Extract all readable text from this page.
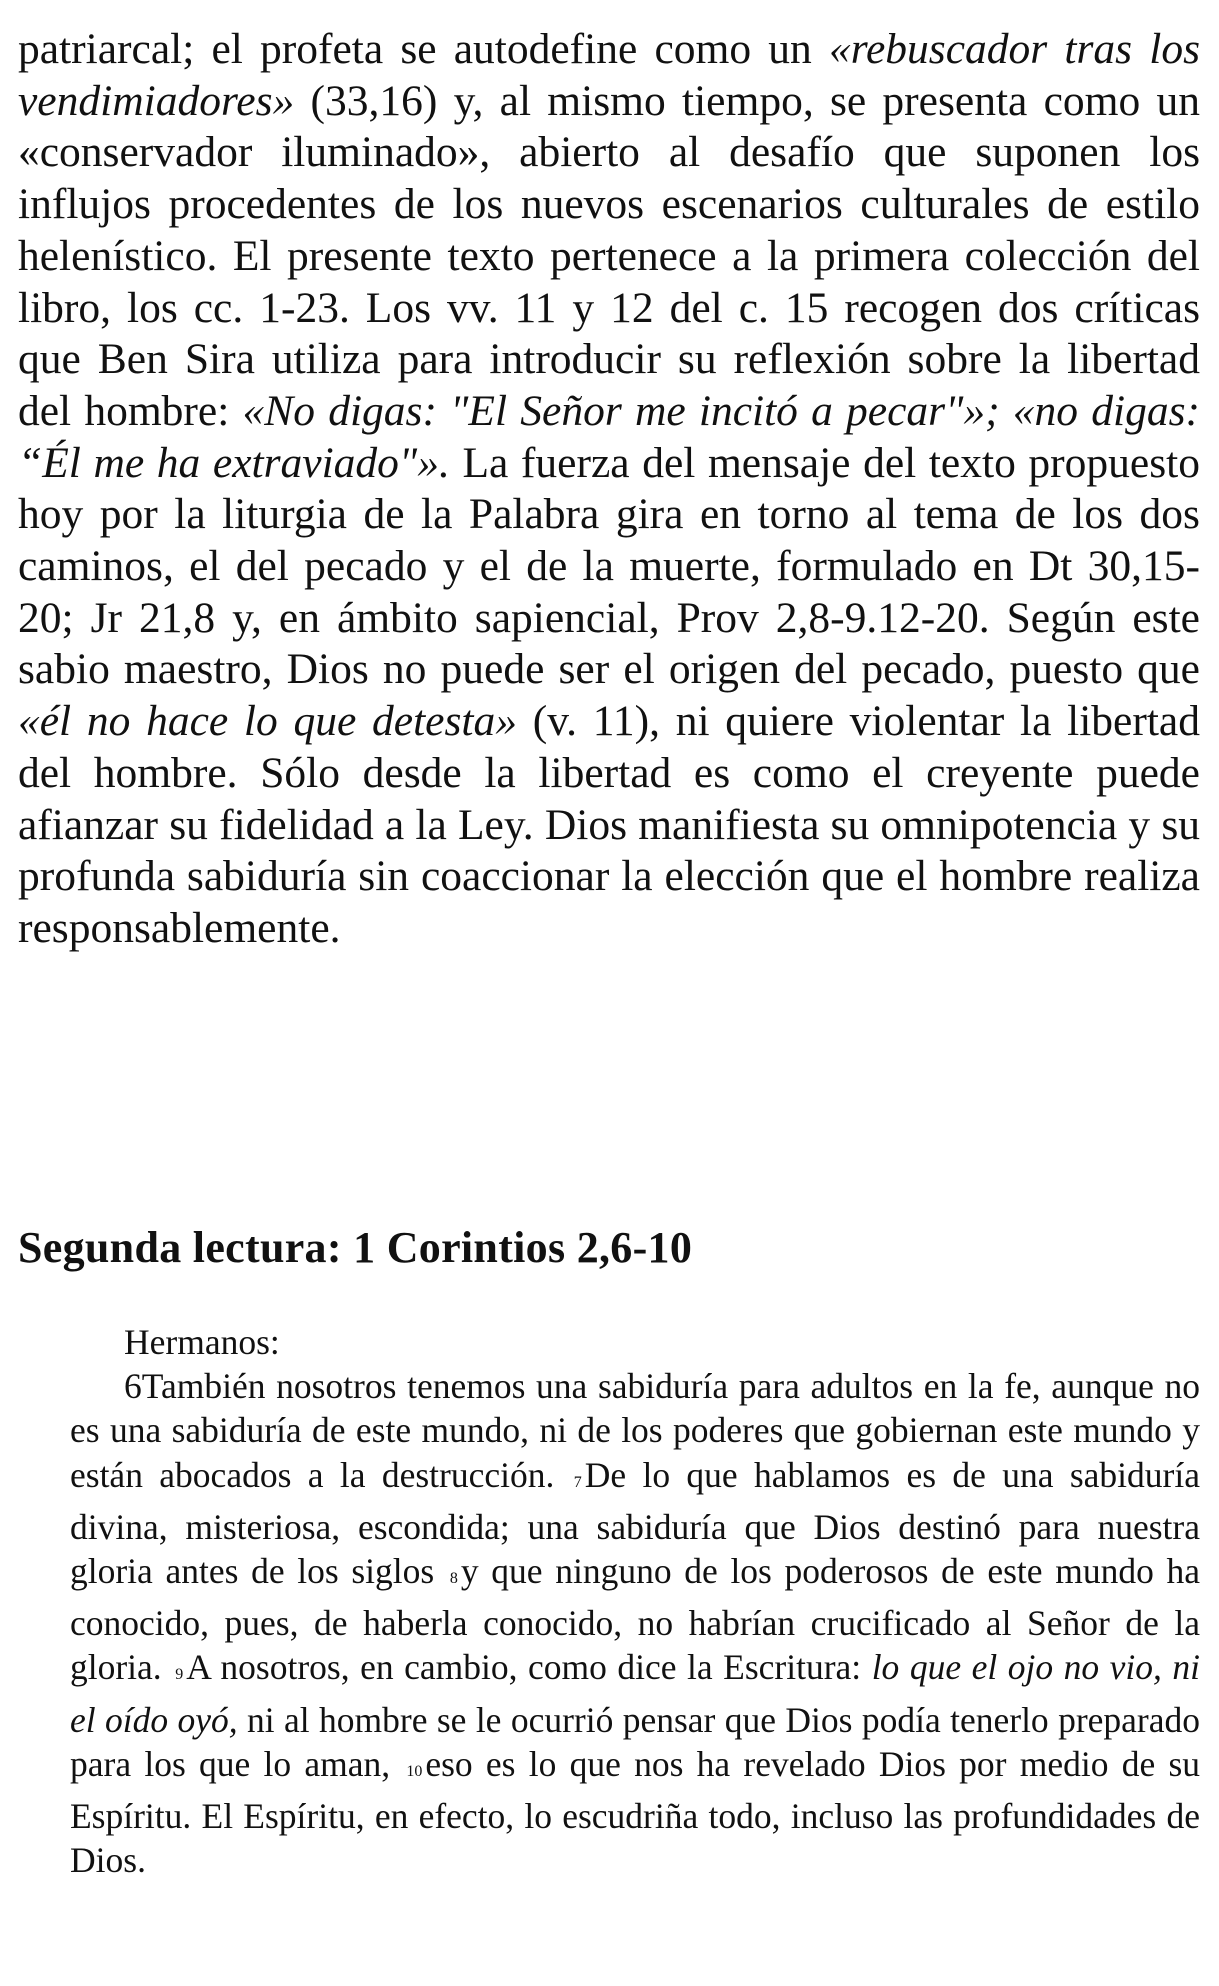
patriarcal; el profeta se autodefine como un «rebuscador tras los vendimiadores» (33,16) y, al mismo tiempo, se presenta como un «conservador iluminado», abierto al desafío que suponen los influjos procedentes de los nuevos escenarios culturales de estilo helenístico. El presente texto pertenece a la primera colección del libro, los cc. 1-23. Los vv. 11 y 12 del c. 15 recogen dos críticas que Ben Sira utiliza para introducir su reflexión sobre la libertad del hombre: «No digas: "El Señor me incitó a pecar"»; «no digas: “Él me ha extraviado"». La fuerza del mensaje del texto propuesto hoy por la liturgia de la Palabra gira en torno al tema de los dos caminos, el del pecado y el de la muerte, formulado en Dt 30,15-20; Jr 21,8 y, en ámbito sapiencial, Prov 2,8-9.12-20. Según este sabio maestro, Dios no puede ser el origen del pecado, puesto que «él no hace lo que detesta» (v. 11), ni quiere violentar la libertad del hombre. Sólo desde la libertad es como el creyente puede afianzar su fidelidad a la Ley. Dios manifiesta su omnipotencia y su profunda sabiduría sin coaccionar la elección que el hombre realiza responsablemente.

Segunda lectura: 1 Corintios 2,6-10

Hermanos:

6También nosotros tenemos una sabiduría para adultos en la fe, aunque no es una sabiduría de este mundo, ni de los poderes que gobiernan este mundo y están abocados a la destrucción. 7De lo que hablamos es de una sabiduría divina, misteriosa, escondida; una sabiduría que Dios destinó para nuestra gloria antes de los siglos 8y que ninguno de los poderosos de este mundo ha conocido, pues, de haberla conocido, no habrían crucificado al Señor de la gloria. 9A nosotros, en cambio, como dice la Escritura: lo que el ojo no vio, ni el oído oyó, ni al hombre se le ocurrió pensar que Dios podía tenerlo preparado para los que lo aman, 10eso es lo que nos ha revelado Dios por medio de su Espíritu. El Espíritu, en efecto, lo escudriña todo, incluso las profundidades de Dios.
